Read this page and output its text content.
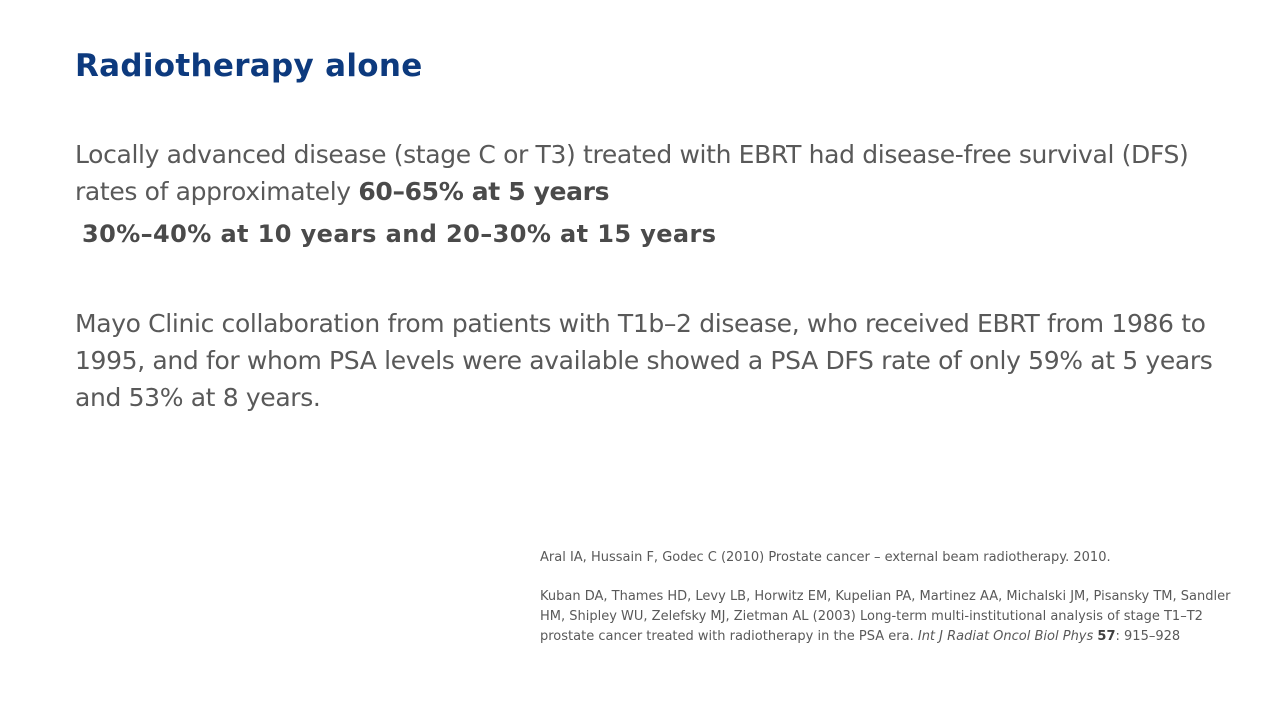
Radiotherapy alone

Locally advanced disease (stage C or T3) treated with EBRT had disease-free survival (DFS) rates of approximately 60–65% at 5 years

30%–40% at 10 years and 20–30% at 15 years

Mayo Clinic collaboration from patients with T1b–2 disease, who received EBRT from 1986 to 1995, and for whom PSA levels were available showed a PSA DFS rate of only 59% at 5 years and 53% at 8 years.

Aral IA, Hussain F, Godec C (2010) Prostate cancer – external beam radiotherapy. 2010.

Kuban DA, Thames HD, Levy LB, Horwitz EM, Kupelian PA, Martinez AA, Michalski JM, Pisansky TM, Sandler HM, Shipley WU, Zelefsky MJ, Zietman AL (2003) Long-term multi-institutional analysis of stage T1–T2 prostate cancer treated with radiotherapy in the PSA era. Int J Radiat Oncol Biol Phys 57: 915–928
